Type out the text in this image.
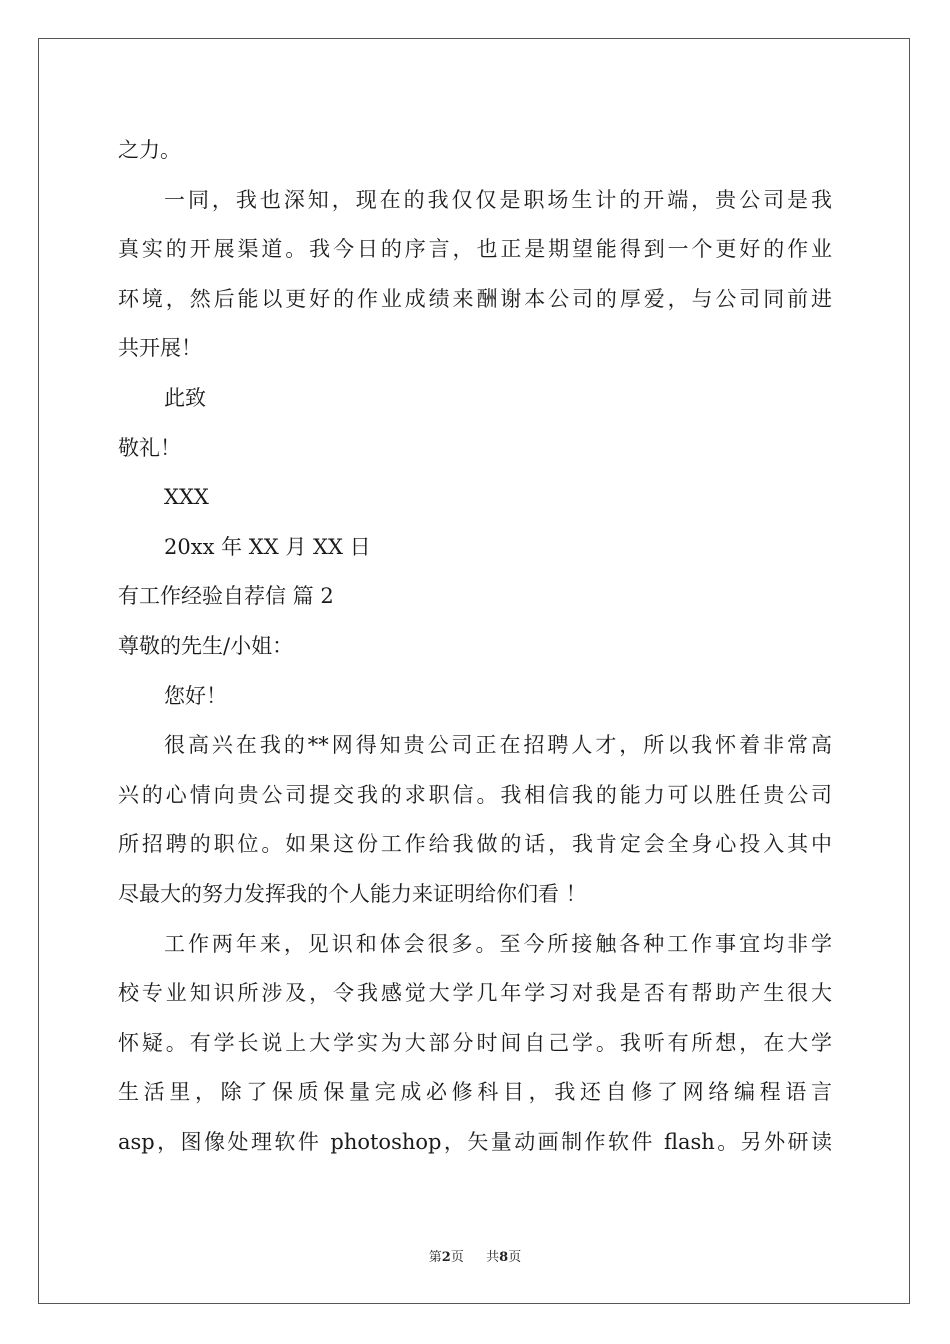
之力。
一同，我也深知，现在的我仅仅是职场生计的开端，贵公司是我
真实的开展渠道。我今日的序言，也正是期望能得到一个更好的作业
环境，然后能以更好的作业成绩来酬谢本公司的厚爱，与公司同前进
共开展！
此致
敬礼！
XXX
20xx 年 XX 月 XX 日
有工作经验自荐信 篇 2
尊敬的先生/小姐：
您好！
很高兴在我的**网得知贵公司正在招聘人才，所以我怀着非常高
兴的心情向贵公司提交我的求职信。我相信我的能力可以胜任贵公司
所招聘的职位。如果这份工作给我做的话，我肯定会全身心投入其中
尽最大的努力发挥我的个人能力来证明给你们看 ！
工作两年来，见识和体会很多。至今所接触各种工作事宜均非学
校专业知识所涉及，令我感觉大学几年学习对我是否有帮助产生很大
怀疑。有学长说上大学实为大部分时间自己学。我听有所想，在大学
生活里，除了保质保量完成必修科目，我还自修了网络编程语言
asp，图像处理软件 photoshop，矢量动画制作软件 flash。另外研读
第2页 共8页
